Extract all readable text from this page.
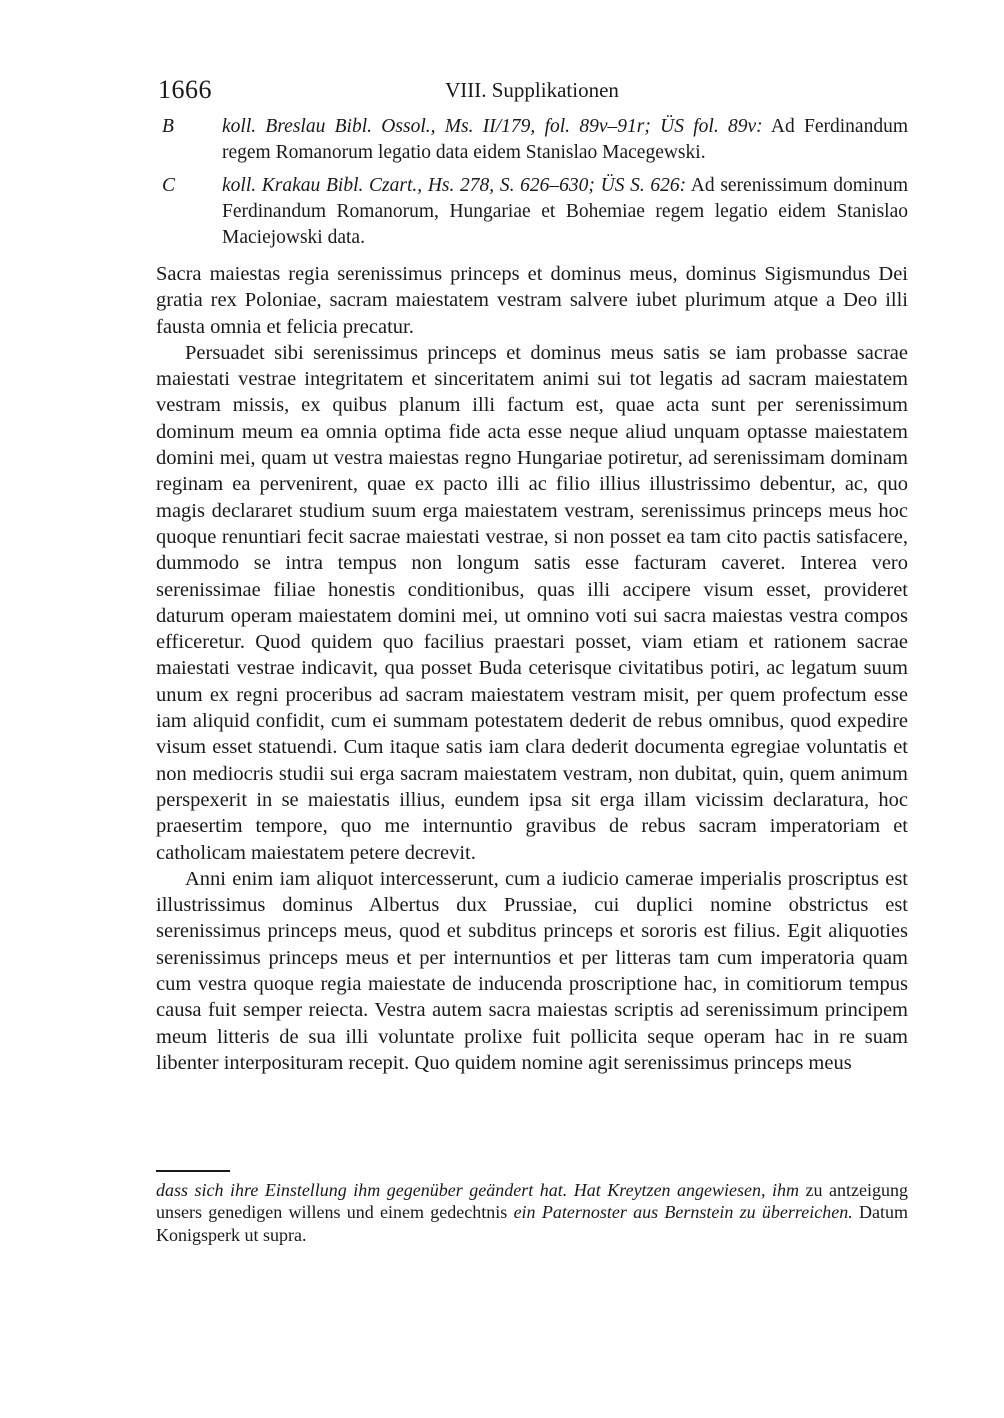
1666	VIII. Supplikationen
B koll. Breslau Bibl. Ossol., Ms. II/179, fol. 89v–91r; ÜS fol. 89v: Ad Ferdinandum regem Romanorum legatio data eidem Stanislao Macegewski.
C koll. Krakau Bibl. Czart., Hs. 278, S. 626–630; ÜS S. 626: Ad serenissimum dominum Ferdinandum Romanorum, Hungariae et Bohemiae regem legatio eidem Stanislao Maciejowski data.

Sacra maiestas regia serenissimus princeps et dominus meus, dominus Sigismundus Dei gratia rex Poloniae, sacram maiestatem vestram salvere iubet plurimum atque a Deo illi fausta omnia et felicia precatur.

Persuadet sibi serenissimus princeps et dominus meus satis se iam probasse sacrae maiestati vestrae integritatem et sinceritatem animi sui tot legatis ad sacram maiestatem vestram missis, ex quibus planum illi factum est, quae acta sunt per serenissimum dominum meum ea omnia optima fide acta esse neque aliud unquam optasse maiestatem domini mei, quam ut vestra maiestas regno Hungariae potiretur, ad serenissimam dominam reginam ea pervenirent, quae ex pacto illi ac filio illius illustrissimo debentur, ac, quo magis declararet studium suum erga maiestatem vestram, serenissimus princeps meus hoc quoque renuntiari fecit sacrae maiestati vestrae, si non posset ea tam cito pactis satisfacere, dummodo se intra tempus non longum satis esse facturam caveret. Interea vero serenissimae filiae honestis conditionibus, quas illi accipere visum esset, provideret daturum operam maiestatem domini mei, ut omnino voti sui sacra maiestas vestra compos efficeretur. Quod quidem quo facilius praestari posset, viam etiam et rationem sacrae maiestati vestrae indicavit, qua posset Buda ceterisque civitatibus potiri, ac legatum suum unum ex regni proceribus ad sacram maiestatem vestram misit, per quem profectum esse iam aliquid confidit, cum ei summam potestatem dederit de rebus omnibus, quod expedire visum esset statuendi. Cum itaque satis iam clara dederit documenta egregiae voluntatis et non mediocris studii sui erga sacram maiestatem vestram, non dubitat, quin, quem animum perspexerit in se maiestatis illius, eundem ipsa sit erga illam vicissim declaratura, hoc praesertim tempore, quo me internuntio gravibus de rebus sacram imperatoriam et catholicam maiestatem petere decrevit.

Anni enim iam aliquot intercesserunt, cum a iudicio camerae imperialis proscriptus est illustrissimus dominus Albertus dux Prussiae, cui duplici nomine obstrictus est serenissimus princeps meus, quod et subditus princeps et sororis est filius. Egit aliquoties serenissimus princeps meus et per internuntios et per litteras tam cum imperatoria quam cum vestra quoque regia maiestate de inducenda proscriptione hac, in comitiorum tempus causa fuit semper reiecta. Vestra autem sacra maiestas scriptis ad serenissimum principem meum litteris de sua illi voluntate prolixe fuit pollicita seque operam hac in re suam libenter interposituram recepit. Quo quidem nomine agit serenissimus princeps meus

dass sich ihre Einstellung ihm gegenüber geändert hat. Hat Kreytzen angewiesen, ihm zu antzeigung unsers genedigen willens und einem gedechtnis ein Paternoster aus Bernstein zu überreichen. Datum Konigsperk ut supra.
